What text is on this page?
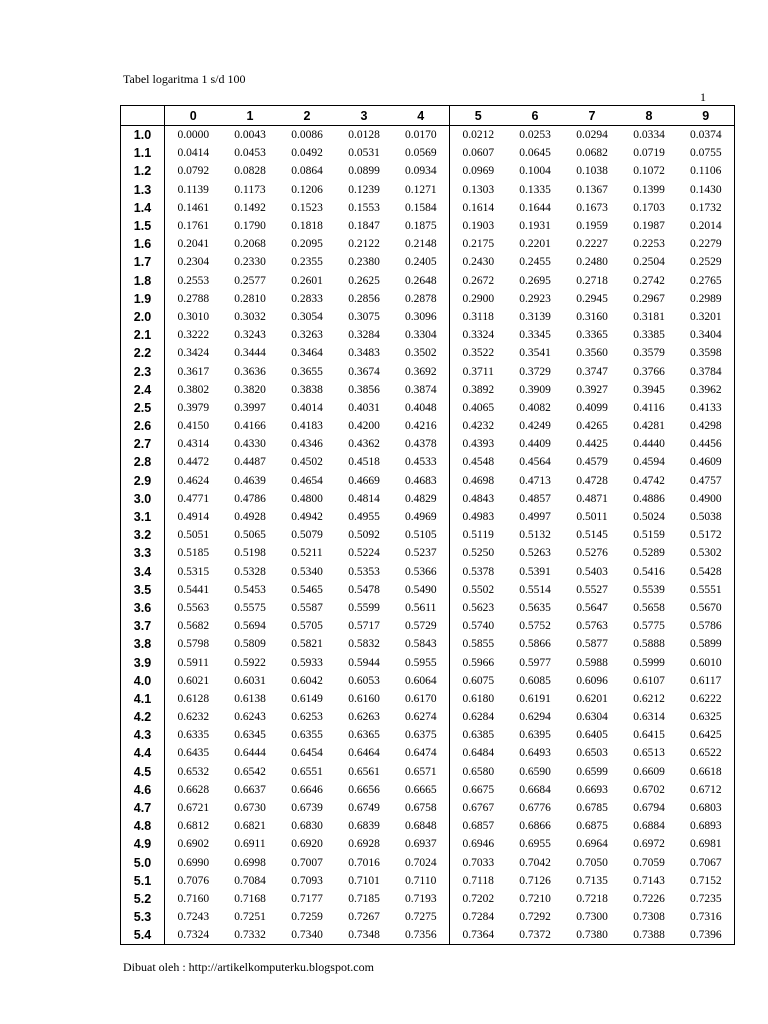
Tabel logaritma 1 s/d 100
1
	0	1	2	3	4	5	6	7	8	9
1.0	0.0000	0.0043	0.0086	0.0128	0.0170	0.0212	0.0253	0.0294	0.0334	0.0374
1.1	0.0414	0.0453	0.0492	0.0531	0.0569	0.0607	0.0645	0.0682	0.0719	0.0755
1.2	0.0792	0.0828	0.0864	0.0899	0.0934	0.0969	0.1004	0.1038	0.1072	0.1106
1.3	0.1139	0.1173	0.1206	0.1239	0.1271	0.1303	0.1335	0.1367	0.1399	0.1430
1.4	0.1461	0.1492	0.1523	0.1553	0.1584	0.1614	0.1644	0.1673	0.1703	0.1732
1.5	0.1761	0.1790	0.1818	0.1847	0.1875	0.1903	0.1931	0.1959	0.1987	0.2014
1.6	0.2041	0.2068	0.2095	0.2122	0.2148	0.2175	0.2201	0.2227	0.2253	0.2279
1.7	0.2304	0.2330	0.2355	0.2380	0.2405	0.2430	0.2455	0.2480	0.2504	0.2529
1.8	0.2553	0.2577	0.2601	0.2625	0.2648	0.2672	0.2695	0.2718	0.2742	0.2765
1.9	0.2788	0.2810	0.2833	0.2856	0.2878	0.2900	0.2923	0.2945	0.2967	0.2989
2.0	0.3010	0.3032	0.3054	0.3075	0.3096	0.3118	0.3139	0.3160	0.3181	0.3201
2.1	0.3222	0.3243	0.3263	0.3284	0.3304	0.3324	0.3345	0.3365	0.3385	0.3404
2.2	0.3424	0.3444	0.3464	0.3483	0.3502	0.3522	0.3541	0.3560	0.3579	0.3598
2.3	0.3617	0.3636	0.3655	0.3674	0.3692	0.3711	0.3729	0.3747	0.3766	0.3784
2.4	0.3802	0.3820	0.3838	0.3856	0.3874	0.3892	0.3909	0.3927	0.3945	0.3962
2.5	0.3979	0.3997	0.4014	0.4031	0.4048	0.4065	0.4082	0.4099	0.4116	0.4133
2.6	0.4150	0.4166	0.4183	0.4200	0.4216	0.4232	0.4249	0.4265	0.4281	0.4298
2.7	0.4314	0.4330	0.4346	0.4362	0.4378	0.4393	0.4409	0.4425	0.4440	0.4456
2.8	0.4472	0.4487	0.4502	0.4518	0.4533	0.4548	0.4564	0.4579	0.4594	0.4609
2.9	0.4624	0.4639	0.4654	0.4669	0.4683	0.4698	0.4713	0.4728	0.4742	0.4757
3.0	0.4771	0.4786	0.4800	0.4814	0.4829	0.4843	0.4857	0.4871	0.4886	0.4900
3.1	0.4914	0.4928	0.4942	0.4955	0.4969	0.4983	0.4997	0.5011	0.5024	0.5038
3.2	0.5051	0.5065	0.5079	0.5092	0.5105	0.5119	0.5132	0.5145	0.5159	0.5172
3.3	0.5185	0.5198	0.5211	0.5224	0.5237	0.5250	0.5263	0.5276	0.5289	0.5302
3.4	0.5315	0.5328	0.5340	0.5353	0.5366	0.5378	0.5391	0.5403	0.5416	0.5428
3.5	0.5441	0.5453	0.5465	0.5478	0.5490	0.5502	0.5514	0.5527	0.5539	0.5551
3.6	0.5563	0.5575	0.5587	0.5599	0.5611	0.5623	0.5635	0.5647	0.5658	0.5670
3.7	0.5682	0.5694	0.5705	0.5717	0.5729	0.5740	0.5752	0.5763	0.5775	0.5786
3.8	0.5798	0.5809	0.5821	0.5832	0.5843	0.5855	0.5866	0.5877	0.5888	0.5899
3.9	0.5911	0.5922	0.5933	0.5944	0.5955	0.5966	0.5977	0.5988	0.5999	0.6010
4.0	0.6021	0.6031	0.6042	0.6053	0.6064	0.6075	0.6085	0.6096	0.6107	0.6117
4.1	0.6128	0.6138	0.6149	0.6160	0.6170	0.6180	0.6191	0.6201	0.6212	0.6222
4.2	0.6232	0.6243	0.6253	0.6263	0.6274	0.6284	0.6294	0.6304	0.6314	0.6325
4.3	0.6335	0.6345	0.6355	0.6365	0.6375	0.6385	0.6395	0.6405	0.6415	0.6425
4.4	0.6435	0.6444	0.6454	0.6464	0.6474	0.6484	0.6493	0.6503	0.6513	0.6522
4.5	0.6532	0.6542	0.6551	0.6561	0.6571	0.6580	0.6590	0.6599	0.6609	0.6618
4.6	0.6628	0.6637	0.6646	0.6656	0.6665	0.6675	0.6684	0.6693	0.6702	0.6712
4.7	0.6721	0.6730	0.6739	0.6749	0.6758	0.6767	0.6776	0.6785	0.6794	0.6803
4.8	0.6812	0.6821	0.6830	0.6839	0.6848	0.6857	0.6866	0.6875	0.6884	0.6893
4.9	0.6902	0.6911	0.6920	0.6928	0.6937	0.6946	0.6955	0.6964	0.6972	0.6981
5.0	0.6990	0.6998	0.7007	0.7016	0.7024	0.7033	0.7042	0.7050	0.7059	0.7067
5.1	0.7076	0.7084	0.7093	0.7101	0.7110	0.7118	0.7126	0.7135	0.7143	0.7152
5.2	0.7160	0.7168	0.7177	0.7185	0.7193	0.7202	0.7210	0.7218	0.7226	0.7235
5.3	0.7243	0.7251	0.7259	0.7267	0.7275	0.7284	0.7292	0.7300	0.7308	0.7316
5.4	0.7324	0.7332	0.7340	0.7348	0.7356	0.7364	0.7372	0.7380	0.7388	0.7396
Dibuat oleh : http://artikelkomputerku.blogspot.com
